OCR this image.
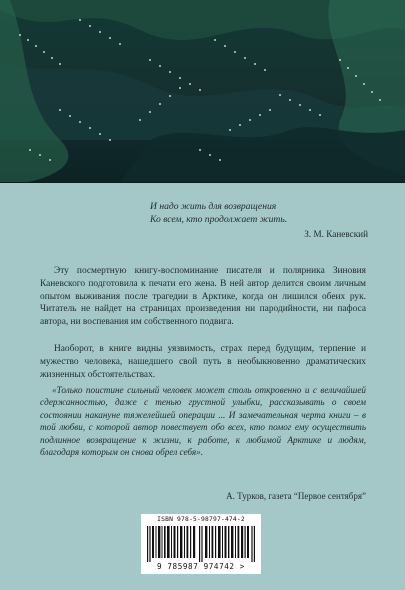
И надо жить для возвращения
Ко всем, кто продолжает жить.
З. М. Каневский

Эту посмертную книгу-воспоминание писателя и полярника Зиновия Каневского подготовила к печати его жена. В ней автор делится своим личным опытом выживания после трагедии в Арктике, когда он лишился обеих рук. Читатель не найдет на страницах произведения ни пародийности, ни пафоса автора, ни воспевания им собственного подвига.

Наоборот, в книге видны уязвимость, страх перед будущим, терпение и мужество человека, нашедшего свой путь в необыкновенно драматических жизненных обстоятельствах.

«Только поистине сильный человек может столь откровенно и с величайшей сдержанностью, даже с тенью грустной улыбки, рассказывать о своем состоянии накануне тяжелейшей операции ... И замечательная черта книги – в той любви, с которой автор повествует обо всех, кто помог ему осуществить подлинное возвращение к жизни, к работе, к любимой Арктике и людям, благодаря которым он снова обрел себя».

А. Турков, газета “Первое сентября”
ISBN 978-5-98797-474-2
9 785987 974742 >
